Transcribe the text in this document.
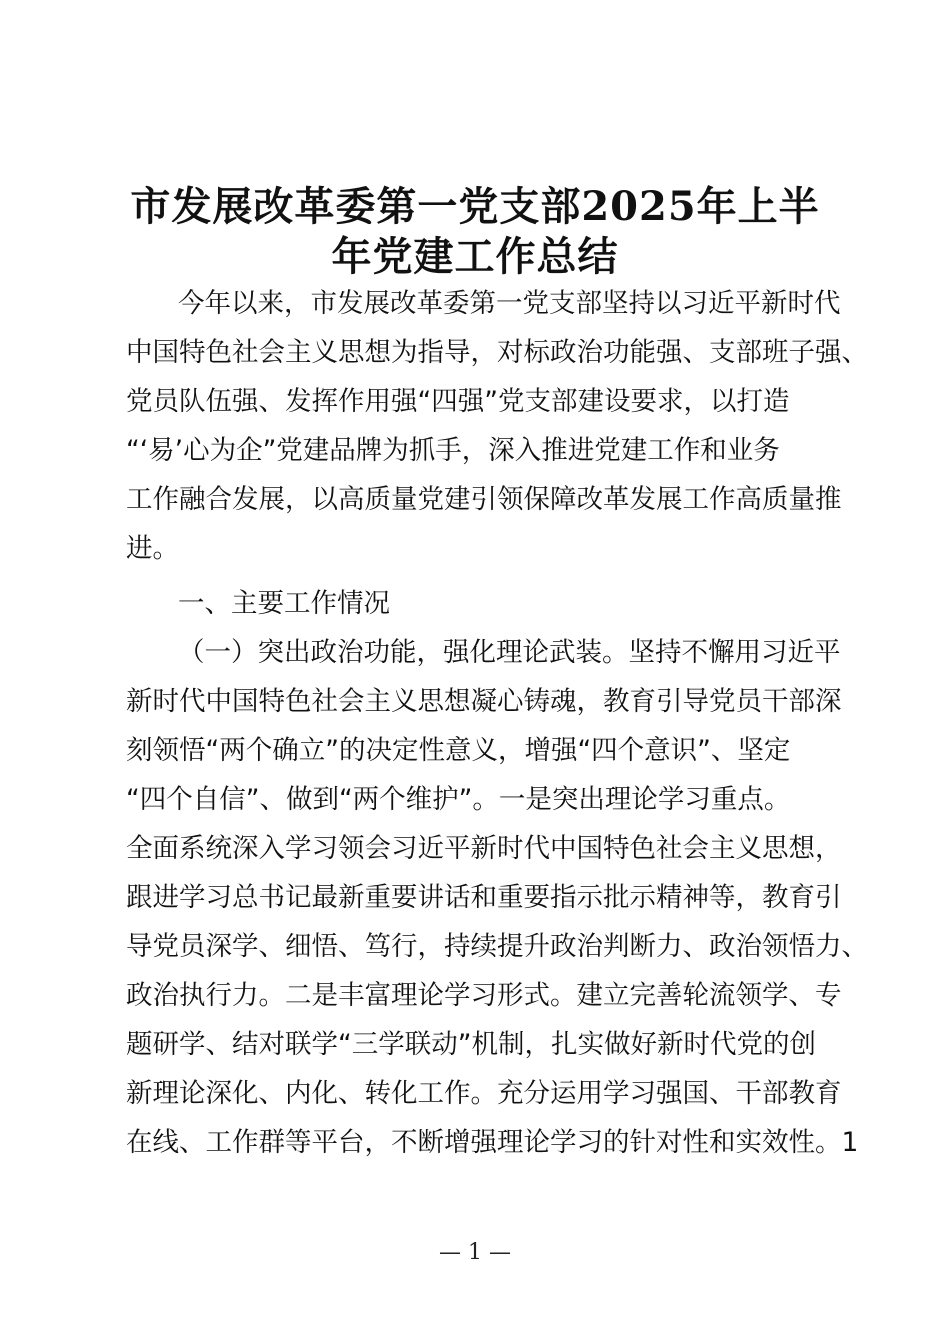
市发展改革委第一党支部2025年上半
年党建工作总结
今年以来，市发展改革委第一党支部坚持以习近平新时代
中国特色社会主义思想为指导，对标政治功能强、支部班子强、
党员队伍强、发挥作用强“四强”党支部建设要求，以打造
“‘易’心为企”党建品牌为抓手，深入推进党建工作和业务
工作融合发展，以高质量党建引领保障改革发展工作高质量推
进。
一、主要工作情况
（一）突出政治功能，强化理论武装。坚持不懈用习近平
新时代中国特色社会主义思想凝心铸魂，教育引导党员干部深
刻领悟“两个确立”的决定性意义，增强“四个意识”、坚定
“四个自信”、做到“两个维护”。一是突出理论学习重点。
全面系统深入学习领会习近平新时代中国特色社会主义思想，
跟进学习总书记最新重要讲话和重要指示批示精神等，教育引
导党员深学、细悟、笃行，持续提升政治判断力、政治领悟力、
政治执行力。二是丰富理论学习形式。建立完善轮流领学、专
题研学、结对联学“三学联动”机制，扎实做好新时代党的创
新理论深化、内化、转化工作。充分运用学习强国、干部教育
在线、工作群等平台，不断增强理论学习的针对性和实效性。1
— 1 —
